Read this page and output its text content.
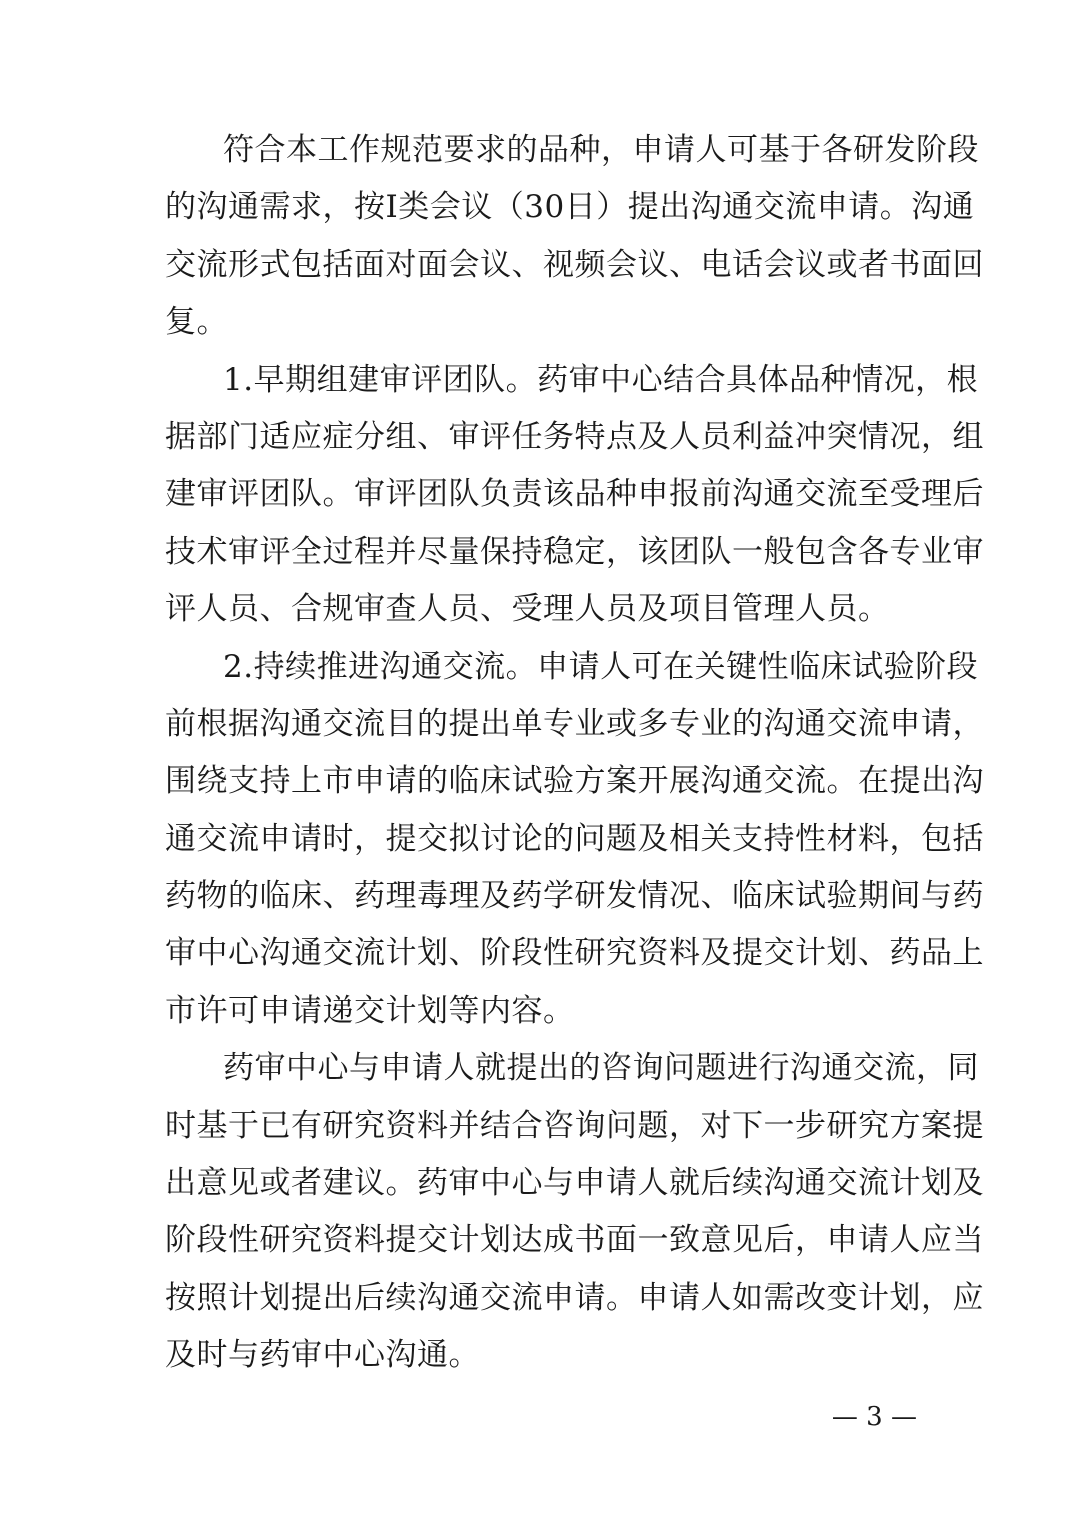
符合本工作规范要求的品种，申请人可基于各研发阶段
的沟通需求，按Ⅰ类会议（30日）提出沟通交流申请。沟通
交流形式包括面对面会议、视频会议、电话会议或者书面回
复。
1.早期组建审评团队。药审中心结合具体品种情况，根
据部门适应症分组、审评任务特点及人员利益冲突情况，组
建审评团队。审评团队负责该品种申报前沟通交流至受理后
技术审评全过程并尽量保持稳定，该团队一般包含各专业审
评人员、合规审查人员、受理人员及项目管理人员。
2.持续推进沟通交流。申请人可在关键性临床试验阶段
前根据沟通交流目的提出单专业或多专业的沟通交流申请，
围绕支持上市申请的临床试验方案开展沟通交流。在提出沟
通交流申请时，提交拟讨论的问题及相关支持性材料，包括
药物的临床、药理毒理及药学研发情况、临床试验期间与药
审中心沟通交流计划、阶段性研究资料及提交计划、药品上
市许可申请递交计划等内容。
药审中心与申请人就提出的咨询问题进行沟通交流，同
时基于已有研究资料并结合咨询问题，对下一步研究方案提
出意见或者建议。药审中心与申请人就后续沟通交流计划及
阶段性研究资料提交计划达成书面一致意见后，申请人应当
按照计划提出后续沟通交流申请。申请人如需改变计划，应
及时与药审中心沟通。
— 3 —
